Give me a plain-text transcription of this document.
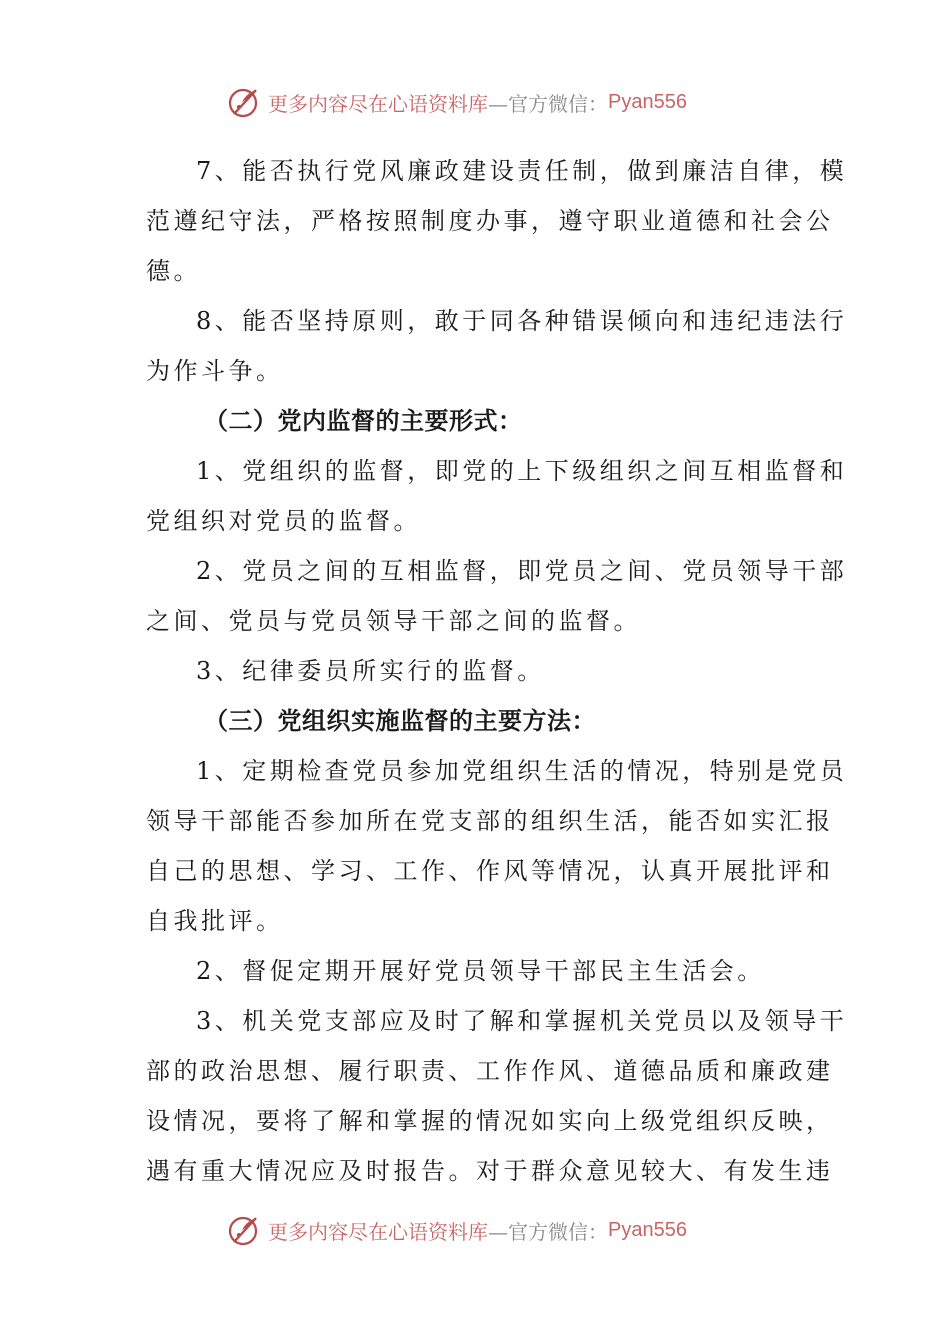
更多内容尽在心语资料库 —官方微信： Pyan556
7、能否执行党风廉政建设责任制，做到廉洁自律，模
范遵纪守法，严格按照制度办事，遵守职业道德和社会公
德。
8、能否坚持原则，敢于同各种错误倾向和违纪违法行
为作斗争。
（二）党内监督的主要形式：
1、党组织的监督，即党的上下级组织之间互相监督和
党组织对党员的监督。
2、党员之间的互相监督，即党员之间、党员领导干部
之间、党员与党员领导干部之间的监督。
3、纪律委员所实行的监督。
（三）党组织实施监督的主要方法：
1、定期检查党员参加党组织生活的情况，特别是党员
领导干部能否参加所在党支部的组织生活，能否如实汇报
自己的思想、学习、工作、作风等情况，认真开展批评和
自我批评。
2、督促定期开展好党员领导干部民主生活会。
3、机关党支部应及时了解和掌握机关党员以及领导干
部的政治思想、履行职责、工作作风、道德品质和廉政建
设情况，要将了解和掌握的情况如实向上级党组织反映，
遇有重大情况应及时报告。对于群众意见较大、有发生违
更多内容尽在心语资料库 —官方微信： Pyan556
